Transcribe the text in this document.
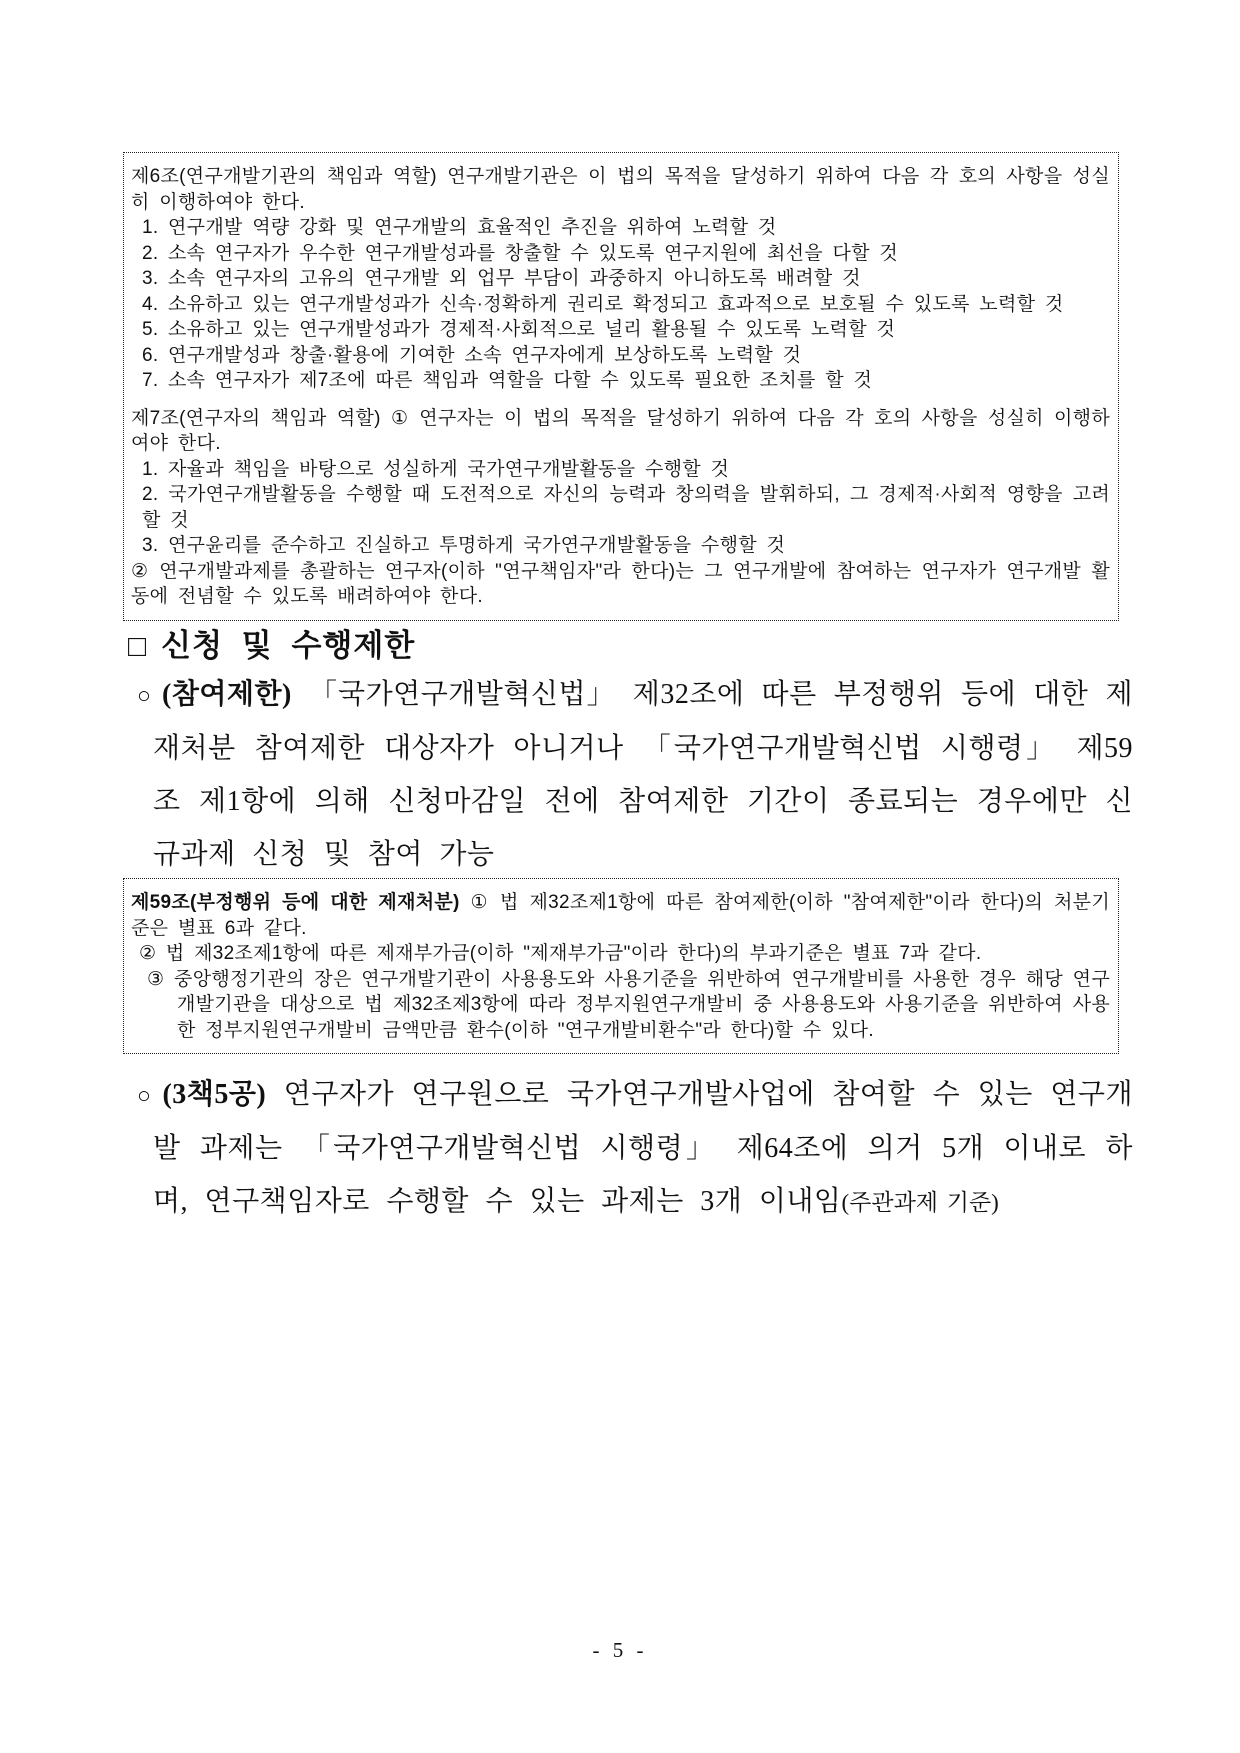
제6조(연구개발기관의 책임과 역할) 연구개발기관은 이 법의 목적을 달성하기 위하여 다음 각 호의 사항을 성실히 이행하여야 한다.

1. 연구개발 역량 강화 및 연구개발의 효율적인 추진을 위하여 노력할 것

2. 소속 연구자가 우수한 연구개발성과를 창출할 수 있도록 연구지원에 최선을 다할 것

3. 소속 연구자의 고유의 연구개발 외 업무 부담이 과중하지 아니하도록 배려할 것

4. 소유하고 있는 연구개발성과가 신속·정확하게 권리로 확정되고 효과적으로 보호될 수 있도록 노력할 것

5. 소유하고 있는 연구개발성과가 경제적·사회적으로 널리 활용될 수 있도록 노력할 것

6. 연구개발성과 창출·활용에 기여한 소속 연구자에게 보상하도록 노력할 것

7. 소속 연구자가 제7조에 따른 책임과 역할을 다할 수 있도록 필요한 조치를 할 것

제7조(연구자의 책임과 역할) ① 연구자는 이 법의 목적을 달성하기 위하여 다음 각 호의 사항을 성실히 이행하여야 한다.

1. 자율과 책임을 바탕으로 성실하게 국가연구개발활동을 수행할 것

2. 국가연구개발활동을 수행할 때 도전적으로 자신의 능력과 창의력을 발휘하되, 그 경제적·사회적 영향을 고려할 것

3. 연구윤리를 준수하고 진실하고 투명하게 국가연구개발활동을 수행할 것

② 연구개발과제를 총괄하는 연구자(이하 "연구책임자"라 한다)는 그 연구개발에 참여하는 연구자가 연구개발 활동에 전념할 수 있도록 배려하여야 한다.

□ 신청 및 수행제한
○ (참여제한) 「국가연구개발혁신법」 제32조에 따른 부정행위 등에 대한 제재처분 참여제한 대상자가 아니거나 「국가연구개발혁신법 시행령」 제59조 제1항에 의해 신청마감일 전에 참여제한 기간이 종료되는 경우에만 신규과제 신청 및 참여 가능

제59조(부정행위 등에 대한 제재처분) ① 법 제32조제1항에 따른 참여제한(이하 "참여제한"이라 한다)의 처분기준은 별표 6과 같다.

② 법 제32조제1항에 따른 제재부가금(이하 "제재부가금"이라 한다)의 부과기준은 별표 7과 같다.

③ 중앙행정기관의 장은 연구개발기관이 사용용도와 사용기준을 위반하여 연구개발비를 사용한 경우 해당 연구개발기관을 대상으로 법 제32조제3항에 따라 정부지원연구개발비 중 사용용도와 사용기준을 위반하여 사용한 정부지원연구개발비 금액만큼 환수(이하 "연구개발비환수"라 한다)할 수 있다.

○ (3책5공) 연구자가 연구원으로 국가연구개발사업에 참여할 수 있는 연구개발 과제는 「국가연구개발혁신법 시행령」 제64조에 의거 5개 이내로 하며, 연구책임자로 수행할 수 있는 과제는 3개 이내임(주관과제 기준)
- 5 -
